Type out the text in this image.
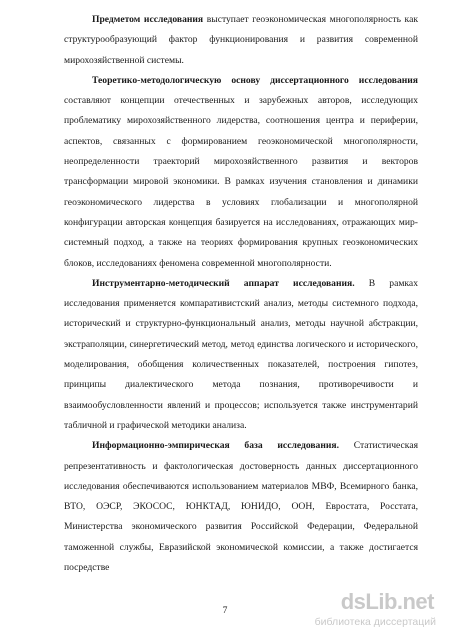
Предметом исследования выступает геоэкономическая многополярность как структурообразующий фактор функционирования и развития современной мирохозяйственной системы.

Теоретико-методологическую основу диссертационного исследования составляют концепции отечественных и зарубежных авторов, исследующих проблематику мирохозяйственного лидерства, соотношения центра и периферии, аспектов, связанных с формированием геоэкономической многополярности, неопределенности траекторий мирохозяйственного развития и векторов трансформации мировой экономики. В рамках изучения становления и динамики геоэкономического лидерства в условиях глобализации и многополярной конфигурации авторская концепция базируется на исследованиях, отражающих мир-системный подход, а также на теориях формирования крупных геоэкономических блоков, исследованиях феномена современной многополярности.

Инструментарно-методический аппарат исследования. В рамках исследования применяется компаративистский анализ, методы системного подхода, исторический и структурно-функциональный анализ, методы научной абстракции, экстраполяции, синергетический метод, метод единства логического и исторического, моделирования, обобщения количественных показателей, построения гипотез, принципы диалектического метода познания, противоречивости и взаимообусловленности явлений и процессов; используется также инструментарий табличной и графической методики анализа.

Информационно-эмпирическая база исследования. Статистическая репрезентативность и фактологическая достоверность данных диссертационного исследования обеспечиваются использованием материалов МВФ, Всемирного банка, ВТО, ОЭСР, ЭКОСОС, ЮНКТАД, ЮНИДО, ООН, Евростата, Росстата, Министерства экономического развития Российской Федерации, Федеральной таможенной службы, Евразийской экономической комиссии, а также достигается посредстве

7	dsLib.net
библиотека диссертаций
